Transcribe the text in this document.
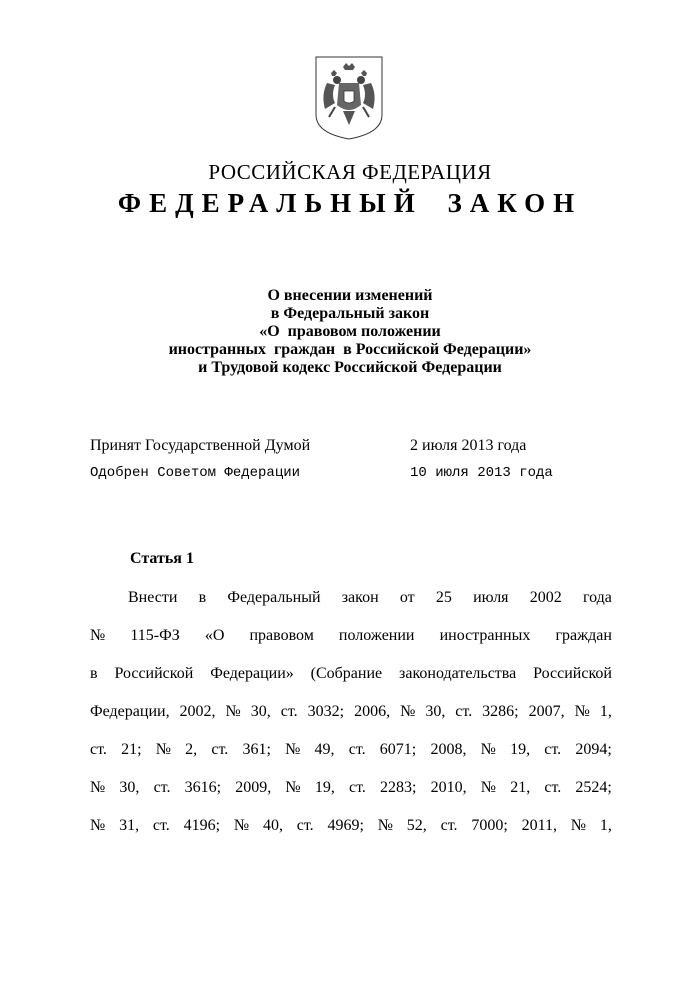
РОССИЙСКАЯ ФЕДЕРАЦИЯ
ФЕДЕРАЛЬНЫЙ ЗАКОН
О внесении изменений
в Федеральный закон
«О  правовом положении
иностранных  граждан  в Российской Федерации»
и Трудовой кодекс Российской Федерации
Принят Государственной Думой	2 июля 2013 года
Одобрен Советом Федерации	10 июля 2013 года
Статья 1
Внести в Федеральный закон от 25 июля 2002 года
№ 115-ФЗ «О правовом положении иностранных граждан
в Российской Федерации» (Собрание законодательства Российской
Федерации, 2002, № 30, ст. 3032; 2006, № 30, ст. 3286; 2007, № 1,
ст. 21; № 2, ст. 361; № 49, ст. 6071; 2008, № 19, ст. 2094;
№ 30, ст. 3616; 2009, № 19, ст. 2283; 2010, № 21, ст. 2524;
№ 31, ст. 4196; № 40, ст. 4969; № 52, ст. 7000; 2011, № 1,
